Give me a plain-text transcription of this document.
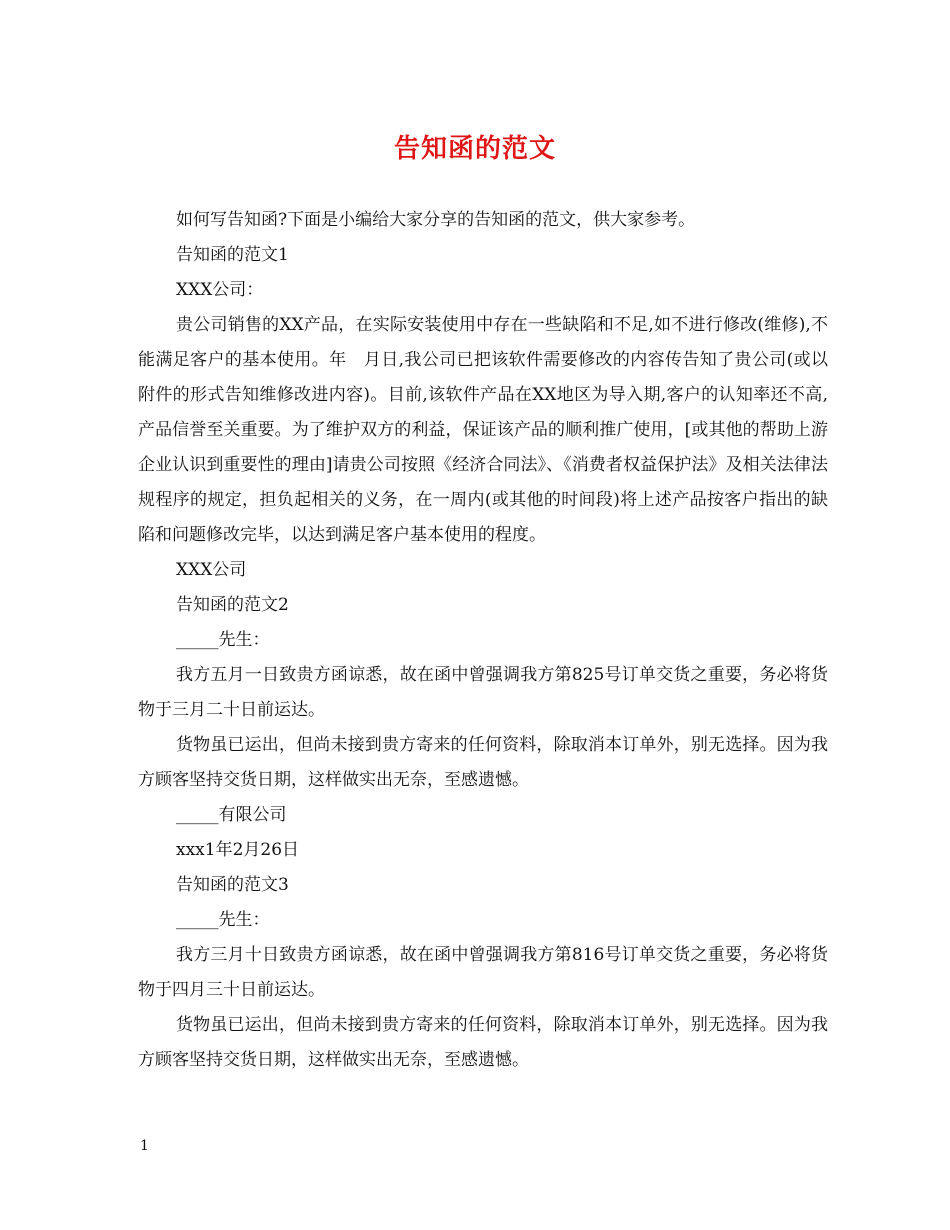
告知函的范文

如何写告知函?下面是小编给大家分享的告知函的范文，供大家参考。

告知函的范文1

XXX公司：

贵公司销售的XX产品，在实际安装使用中存在一些缺陷和不足,如不进行修改(维修),不能满足客户的基本使用。年　月日,我公司已把该软件需要修改的内容传告知了贵公司(或以附件的形式告知维修改进内容)。目前,该软件产品在XX地区为导入期,客户的认知率还不高,产品信誉至关重要。为了维护双方的利益，保证该产品的顺利推广使用，[或其他的帮助上游企业认识到重要性的理由]请贵公司按照《经济合同法》、《消费者权益保护法》及相关法律法规程序的规定，担负起相关的义务，在一周内(或其他的时间段)将上述产品按客户指出的缺陷和问题修改完毕，以达到满足客户基本使用的程度。

XXX公司

告知函的范文2

_____先生：

我方五月一日致贵方函谅悉，故在函中曾强调我方第825号订单交货之重要，务必将货物于三月二十日前运达。

货物虽已运出，但尚未接到贵方寄来的任何资料，除取消本订单外，别无选择。因为我方顾客坚持交货日期，这样做实出无奈，至感遗憾。

_____有限公司

xxx1年2月26日

告知函的范文3

_____先生：

我方三月十日致贵方函谅悉，故在函中曾强调我方第816号订单交货之重要，务必将货物于四月三十日前运达。

货物虽已运出，但尚未接到贵方寄来的任何资料，除取消本订单外，别无选择。因为我方顾客坚持交货日期，这样做实出无奈，至感遗憾。

1
